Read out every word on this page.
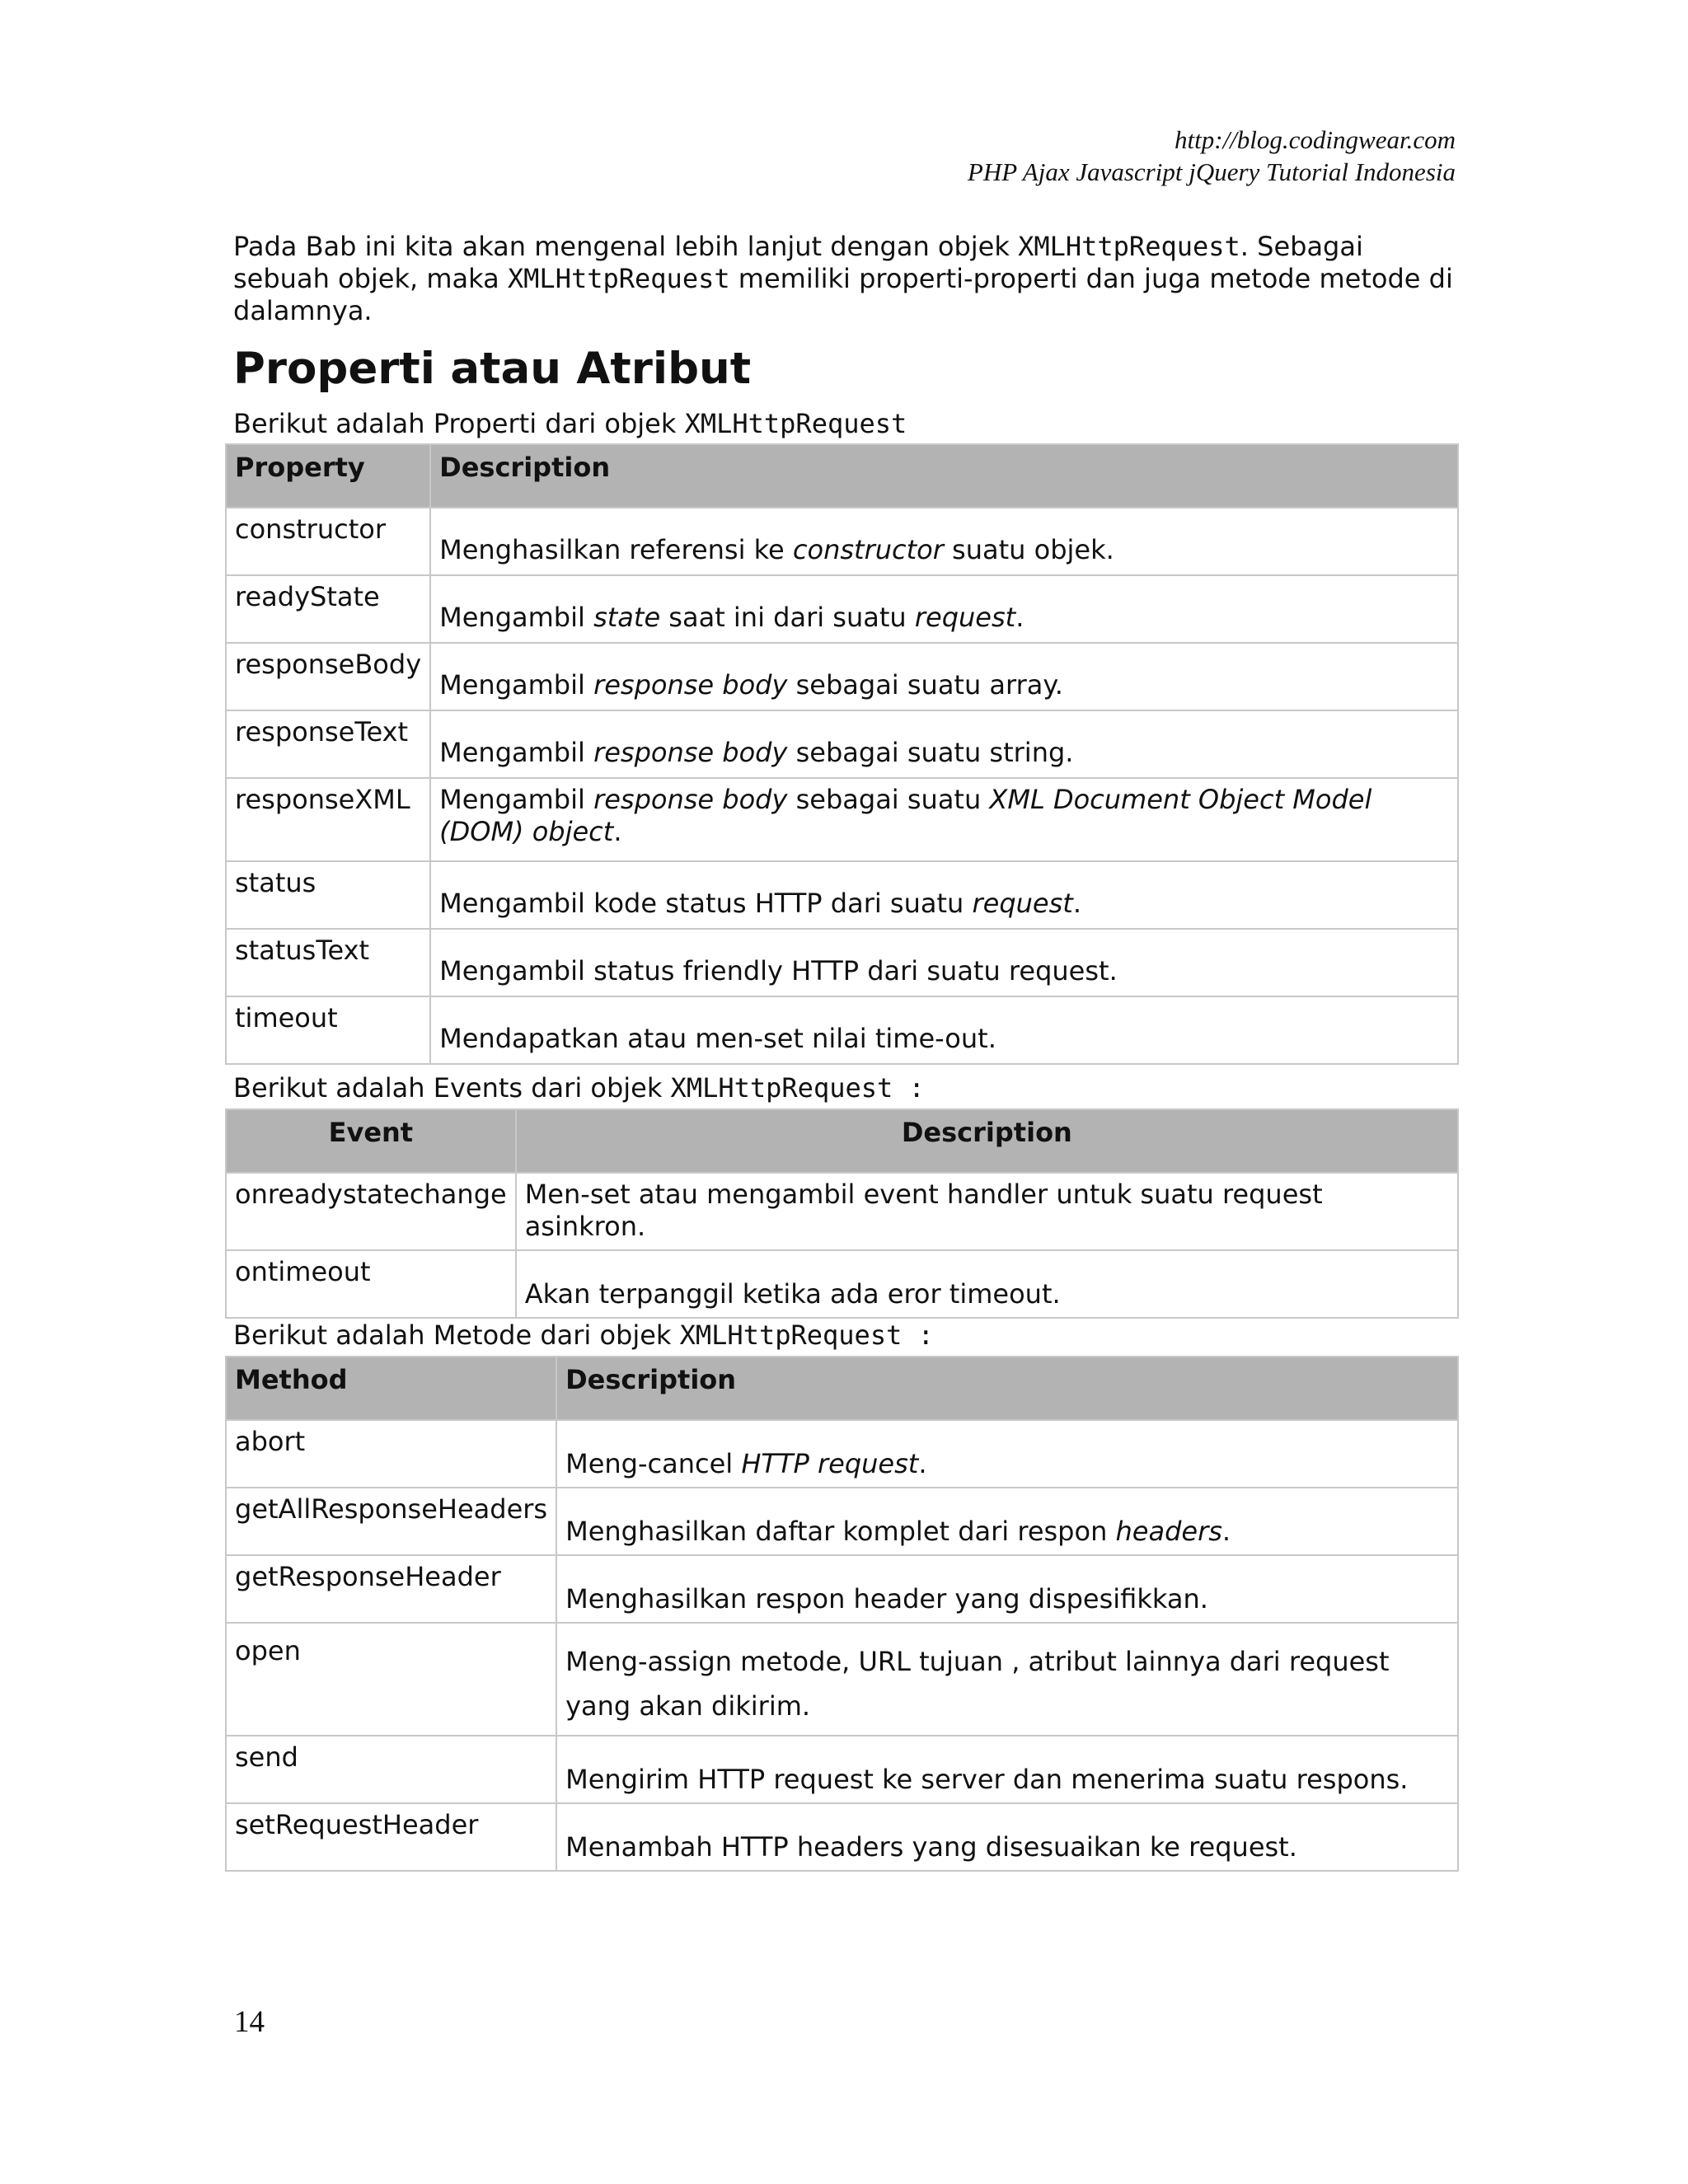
http://blog.codingwear.com
PHP Ajax Javascript jQuery Tutorial Indonesia

Pada Bab ini kita akan mengenal lebih lanjut dengan objek XMLHttpRequest. Sebagai sebuah objek, maka XMLHttpRequest memiliki properti-properti dan juga metode metode di dalamnya.

Properti atau Atribut

Berikut adalah Properti dari objek XMLHttpRequest

Property	Description
constructor	Menghasilkan referensi ke constructor suatu objek.
readyState	Mengambil state saat ini dari suatu request.
responseBody	Mengambil response body sebagai suatu array.
responseText	Mengambil response body sebagai suatu string.
responseXML	Mengambil response body sebagai suatu XML Document Object Model (DOM) object.
status	Mengambil kode status HTTP dari suatu request.
statusText	Mengambil status friendly HTTP dari suatu request.
timeout	Mendapatkan atau men-set nilai time-out.

Berikut adalah Events dari objek XMLHttpRequest :

Event	Description
onreadystatechange	Men-set atau mengambil event handler untuk suatu request asinkron.
ontimeout	Akan terpanggil ketika ada eror timeout.

Berikut adalah Metode dari objek XMLHttpRequest :

Method	Description
abort	Meng-cancel HTTP request.
getAllResponseHeaders	Menghasilkan daftar komplet dari respon headers.
getResponseHeader	Menghasilkan respon header yang dispesifikkan.
open	Meng-assign metode, URL tujuan , atribut lainnya dari request yang akan dikirim.
send	Mengirim HTTP request ke server dan menerima suatu respons.
setRequestHeader	Menambah HTTP headers yang disesuaikan ke request.
14
